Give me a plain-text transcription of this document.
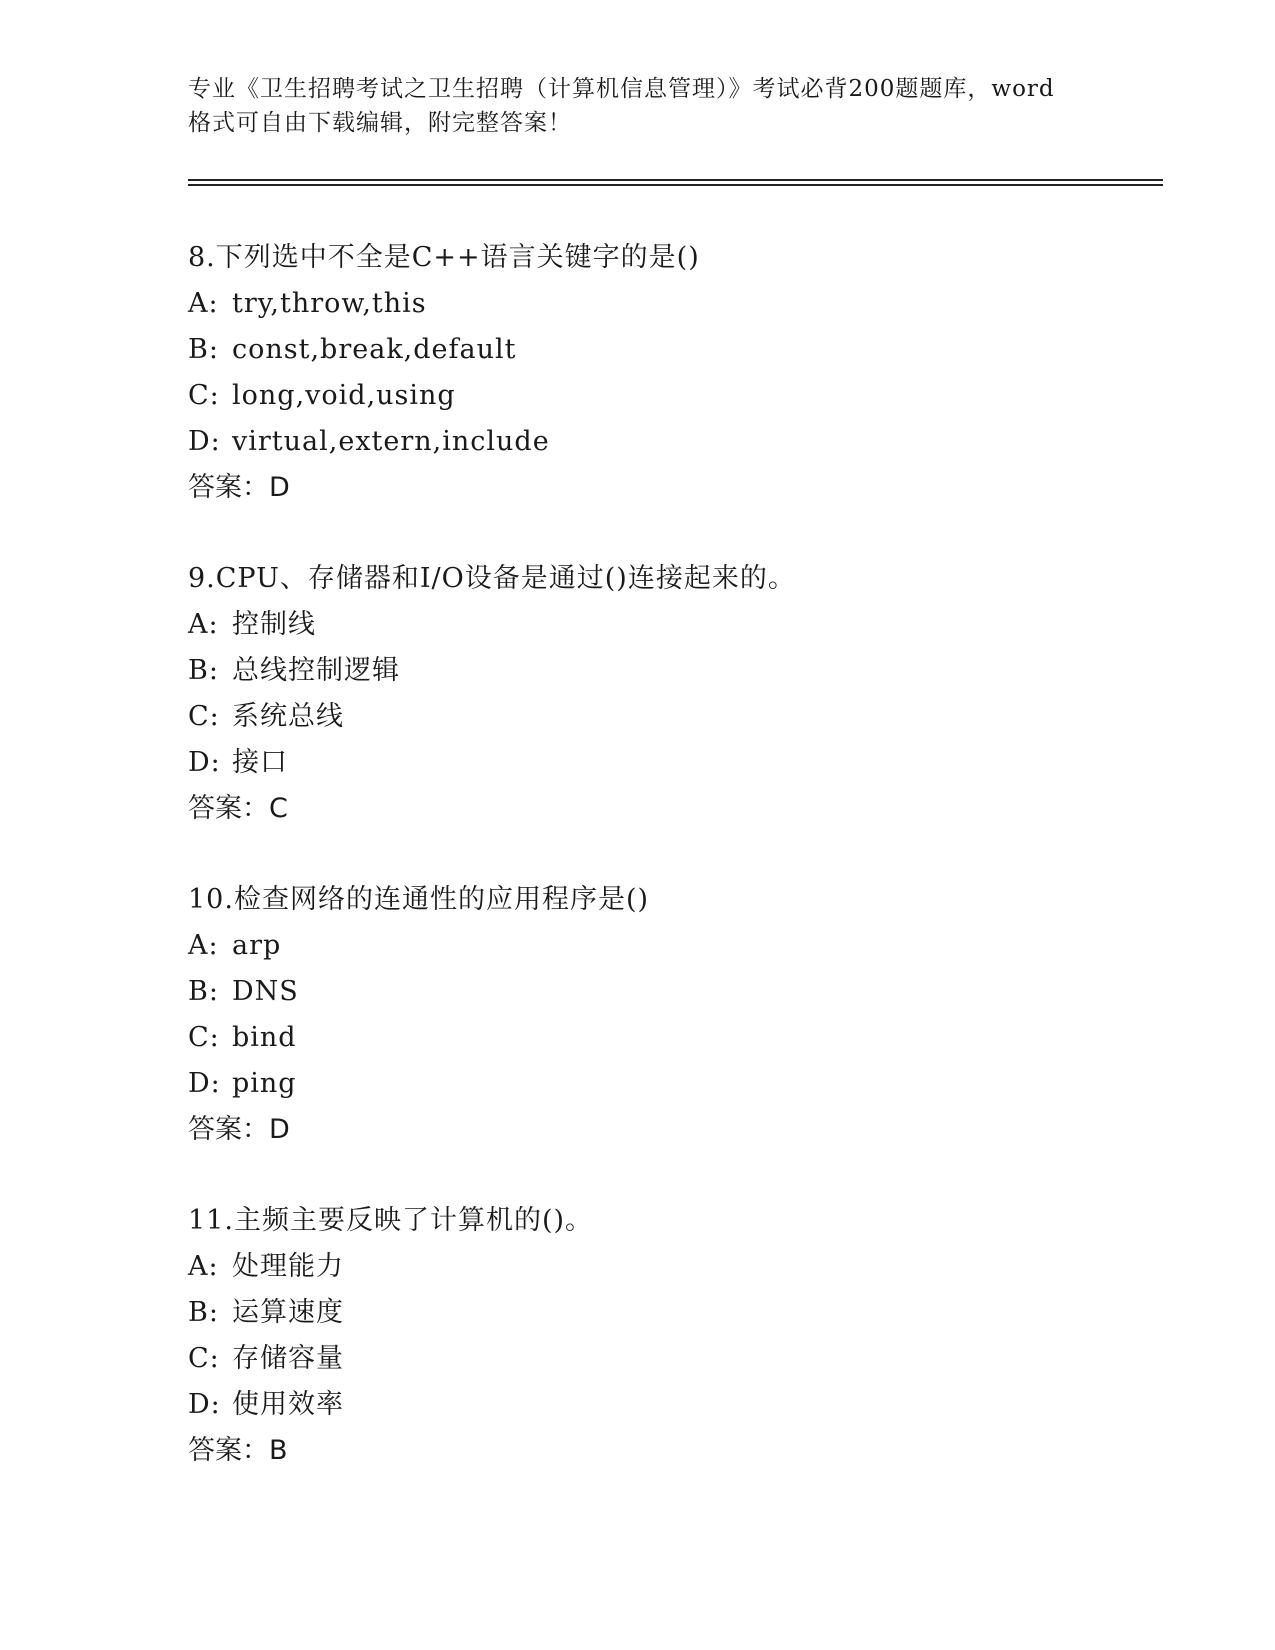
专业《卫生招聘考试之卫生招聘（计算机信息管理）》考试必背200题题库，word
格式可自由下载编辑，附完整答案！
8.下列选中不全是C++语言关键字的是()
A: try,throw,this
B: const,break,default
C: long,void,using
D: virtual,extern,include
答案：D
9.CPU、存储器和I/O设备是通过()连接起来的。
A: 控制线
B: 总线控制逻辑
C: 系统总线
D: 接口
答案：C
10.检查网络的连通性的应用程序是()
A: arp
B: DNS
C: bind
D: ping
答案：D
11.主频主要反映了计算机的()。
A: 处理能力
B: 运算速度
C: 存储容量
D: 使用效率
答案：B
